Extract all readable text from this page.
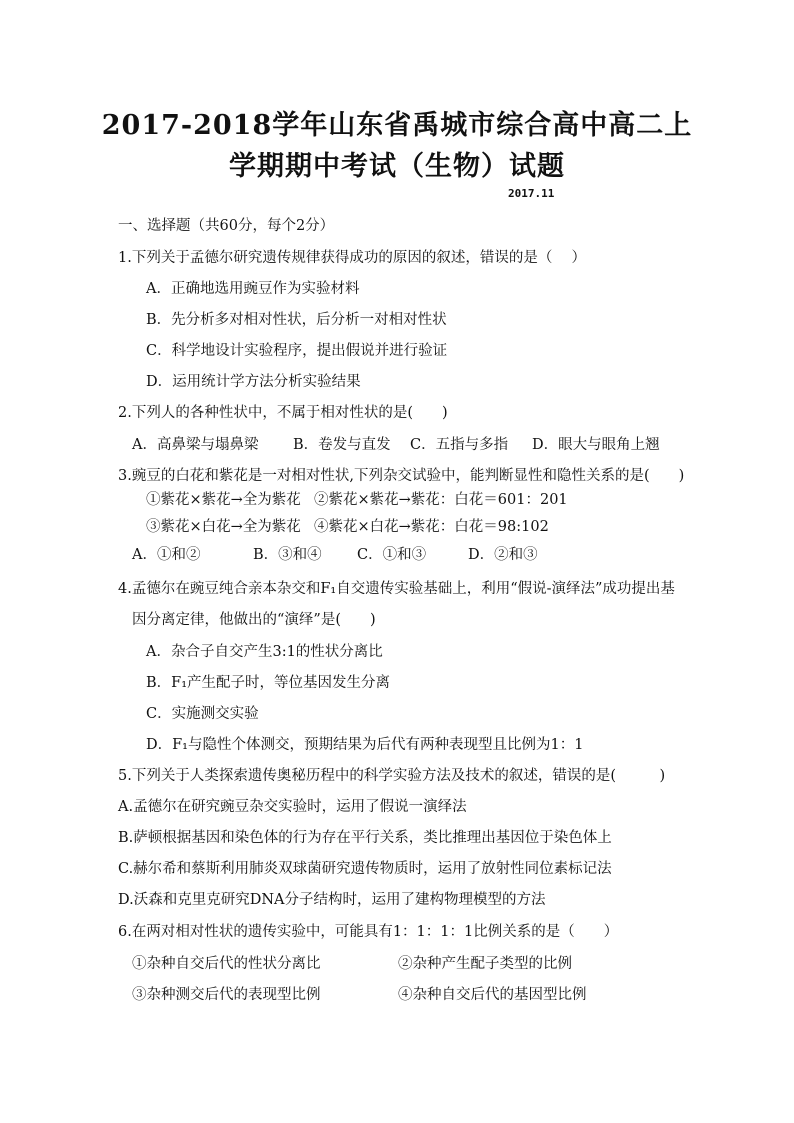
2017-2018学年山东省禹城市综合高中高二上
学期期中考试（生物）试题
2017.11
一、选择题（共60分，每个2分）
1.下列关于孟德尔研究遗传规律获得成功的原因的叙述，错误的是（　 ）
A．正确地选用豌豆作为实验材料
B．先分析多对相对性状，后分析一对相对性状
C．科学地设计实验程序，提出假说并进行验证
D．运用统计学方法分析实验结果
2.下列人的各种性状中，不属于相对性状的是(　　)
A．高鼻梁与塌鼻梁 B．卷发与直发 C．五指与多指 D．眼大与眼角上翘
3.豌豆的白花和紫花是一对相对性状,下列杂交试验中，能判断显性和隐性关系的是(　　)
①紫花×紫花→全为紫花 ②紫花×紫花→紫花：白花＝601：201
③紫花×白花→全为紫花 ④紫花×白花→紫花：白花＝98:102
A．①和②	B．③和④ C．①和③	D．②和③
4.孟德尔在豌豆纯合亲本杂交和F₁自交遗传实验基础上，利用“假说-演绎法”成功提出基
因分离定律，他做出的“演绎”是(　　)
A．杂合子自交产生3:1的性状分离比
B．F₁产生配子时，等位基因发生分离
C．实施测交实验
D．F₁与隐性个体测交，预期结果为后代有两种表现型且比例为1：1
5.下列关于人类探索遗传奥秘历程中的科学实验方法及技术的叙述，错误的是(　　　)
A.孟德尔在研究豌豆杂交实验时，运用了假说一演绎法
B.萨顿根据基因和染色体的行为存在平行关系，类比推理出基因位于染色体上
C.赫尔希和蔡斯利用肺炎双球菌研究遗传物质时，运用了放射性同位素标记法
D.沃森和克里克研究DNA分子结构时，运用了建构物理模型的方法
6.在两对相对性状的遗传实验中，可能具有1：1：1：1比例关系的是（　　）
①杂种自交后代的性状分离比	②杂种产生配子类型的比例
③杂种测交后代的表现型比例	④杂种自交后代的基因型比例
